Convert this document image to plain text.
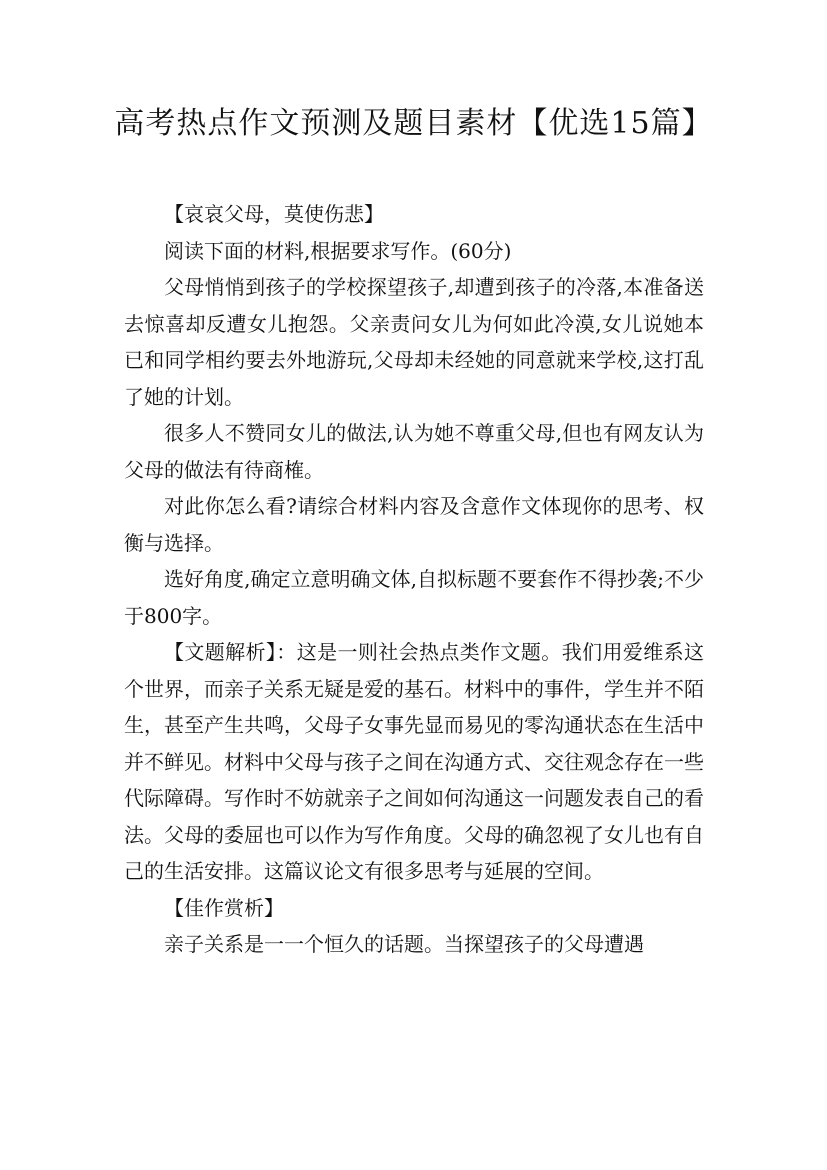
高考热点作文预测及题目素材【优选15篇】

【哀哀父母，莫使伤悲】

阅读下面的材料,根据要求写作。(60分)

父母悄悄到孩子的学校探望孩子,却遭到孩子的冷落,本准备送去惊喜却反遭女儿抱怨。父亲责问女儿为何如此冷漠,女儿说她本已和同学相约要去外地游玩,父母却未经她的同意就来学校,这打乱了她的计划。

很多人不赞同女儿的做法,认为她不尊重父母,但也有网友认为父母的做法有待商榷。

对此你怎么看?请综合材料内容及含意作文体现你的思考、权衡与选择。

选好角度,确定立意明确文体,自拟标题不要套作不得抄袭;不少于800字。

【文题解析】：这是一则社会热点类作文题。我们用爱维系这个世界，而亲子关系无疑是爱的基石。材料中的事件，学生并不陌生，甚至产生共鸣，父母子女事先显而易见的零沟通状态在生活中并不鲜见。材料中父母与孩子之间在沟通方式、交往观念存在一些代际障碍。写作时不妨就亲子之间如何沟通这一问题发表自己的看法。父母的委屈也可以作为写作角度。父母的确忽视了女儿也有自己的生活安排。这篇议论文有很多思考与延展的空间。

【佳作赏析】

亲子关系是一一个恒久的话题。当探望孩子的父母遭遇
